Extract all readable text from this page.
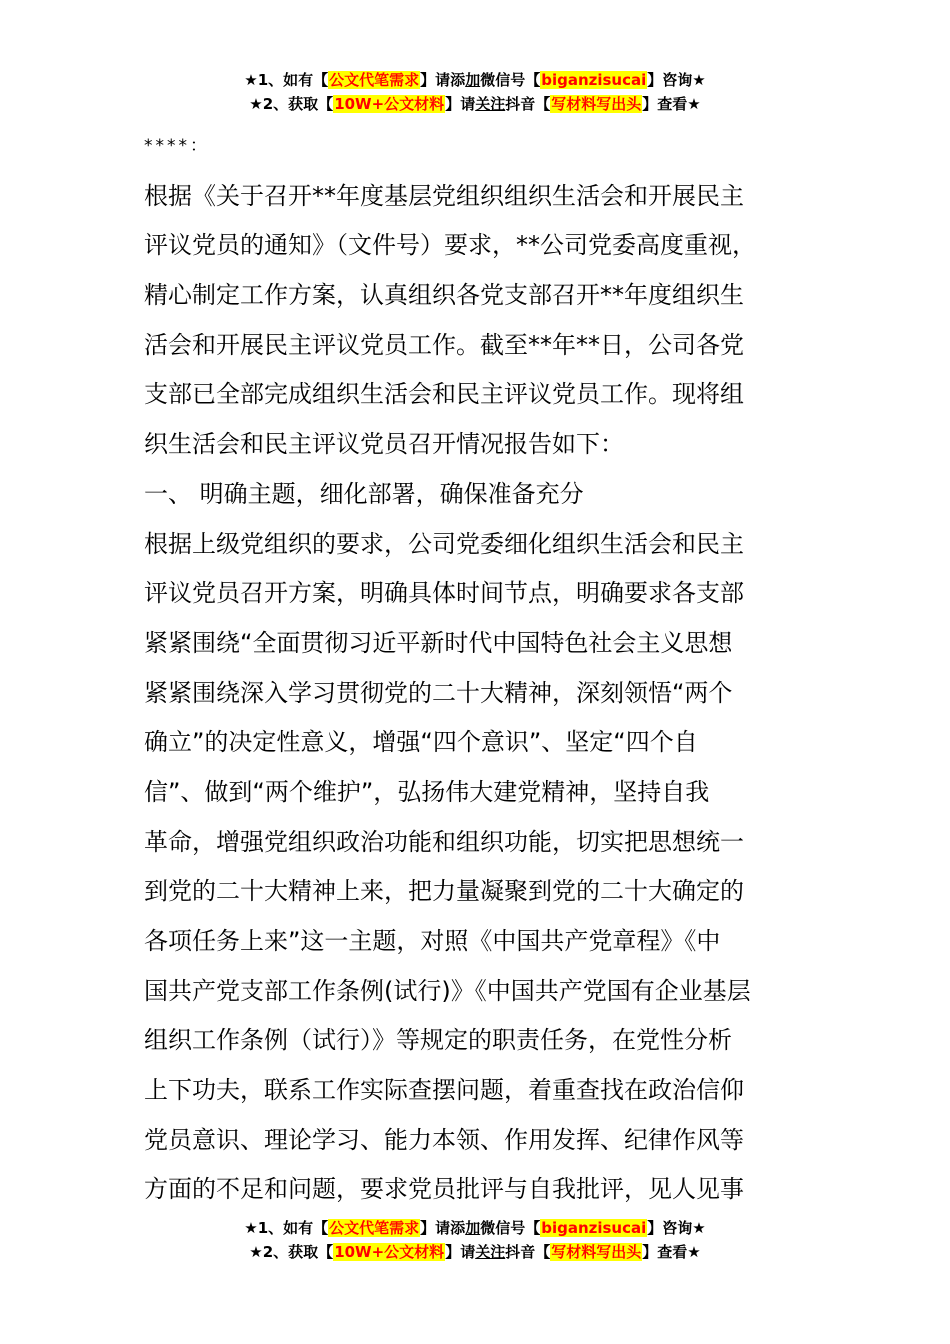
★1、如有【公文代笔需求】请添加微信号【biganzisucai】咨询★
★2、获取【10W+公文材料】请关注抖音【写材料写出头】查看★
****：
根据《关于召开**年度基层党组织组织生活会和开展民主
评议党员的通知》（文件号）要求，**公司党委高度重视，
精心制定工作方案，认真组织各党支部召开**年度组织生
活会和开展民主评议党员工作。截至**年**日，公司各党
支部已全部完成组织生活会和民主评议党员工作。现将组
织生活会和民主评议党员召开情况报告如下：
一、 明确主题，细化部署，确保准备充分
根据上级党组织的要求，公司党委细化组织生活会和民主
评议党员召开方案，明确具体时间节点，明确要求各支部
紧紧围绕“全面贯彻习近平新时代中国特色社会主义思想
紧紧围绕深入学习贯彻党的二十大精神，深刻领悟“两个
确立”的决定性意义，增强“四个意识”、坚定“四个自
信”、做到“两个维护”，弘扬伟大建党精神，坚持自我
革命，增强党组织政治功能和组织功能，切实把思想统一
到党的二十大精神上来，把力量凝聚到党的二十大确定的
各项任务上来”这一主题，对照《中国共产党章程》《中
国共产党支部工作条例(试行)》《中国共产党国有企业基层
组织工作条例（试行）》等规定的职责任务，在党性分析
上下功夫，联系工作实际查摆问题，着重查找在政治信仰
党员意识、理论学习、能力本领、作用发挥、纪律作风等
方面的不足和问题，要求党员批评与自我批评，见人见事
★1、如有【公文代笔需求】请添加微信号【biganzisucai】咨询★
★2、获取【10W+公文材料】请关注抖音【写材料写出头】查看★
